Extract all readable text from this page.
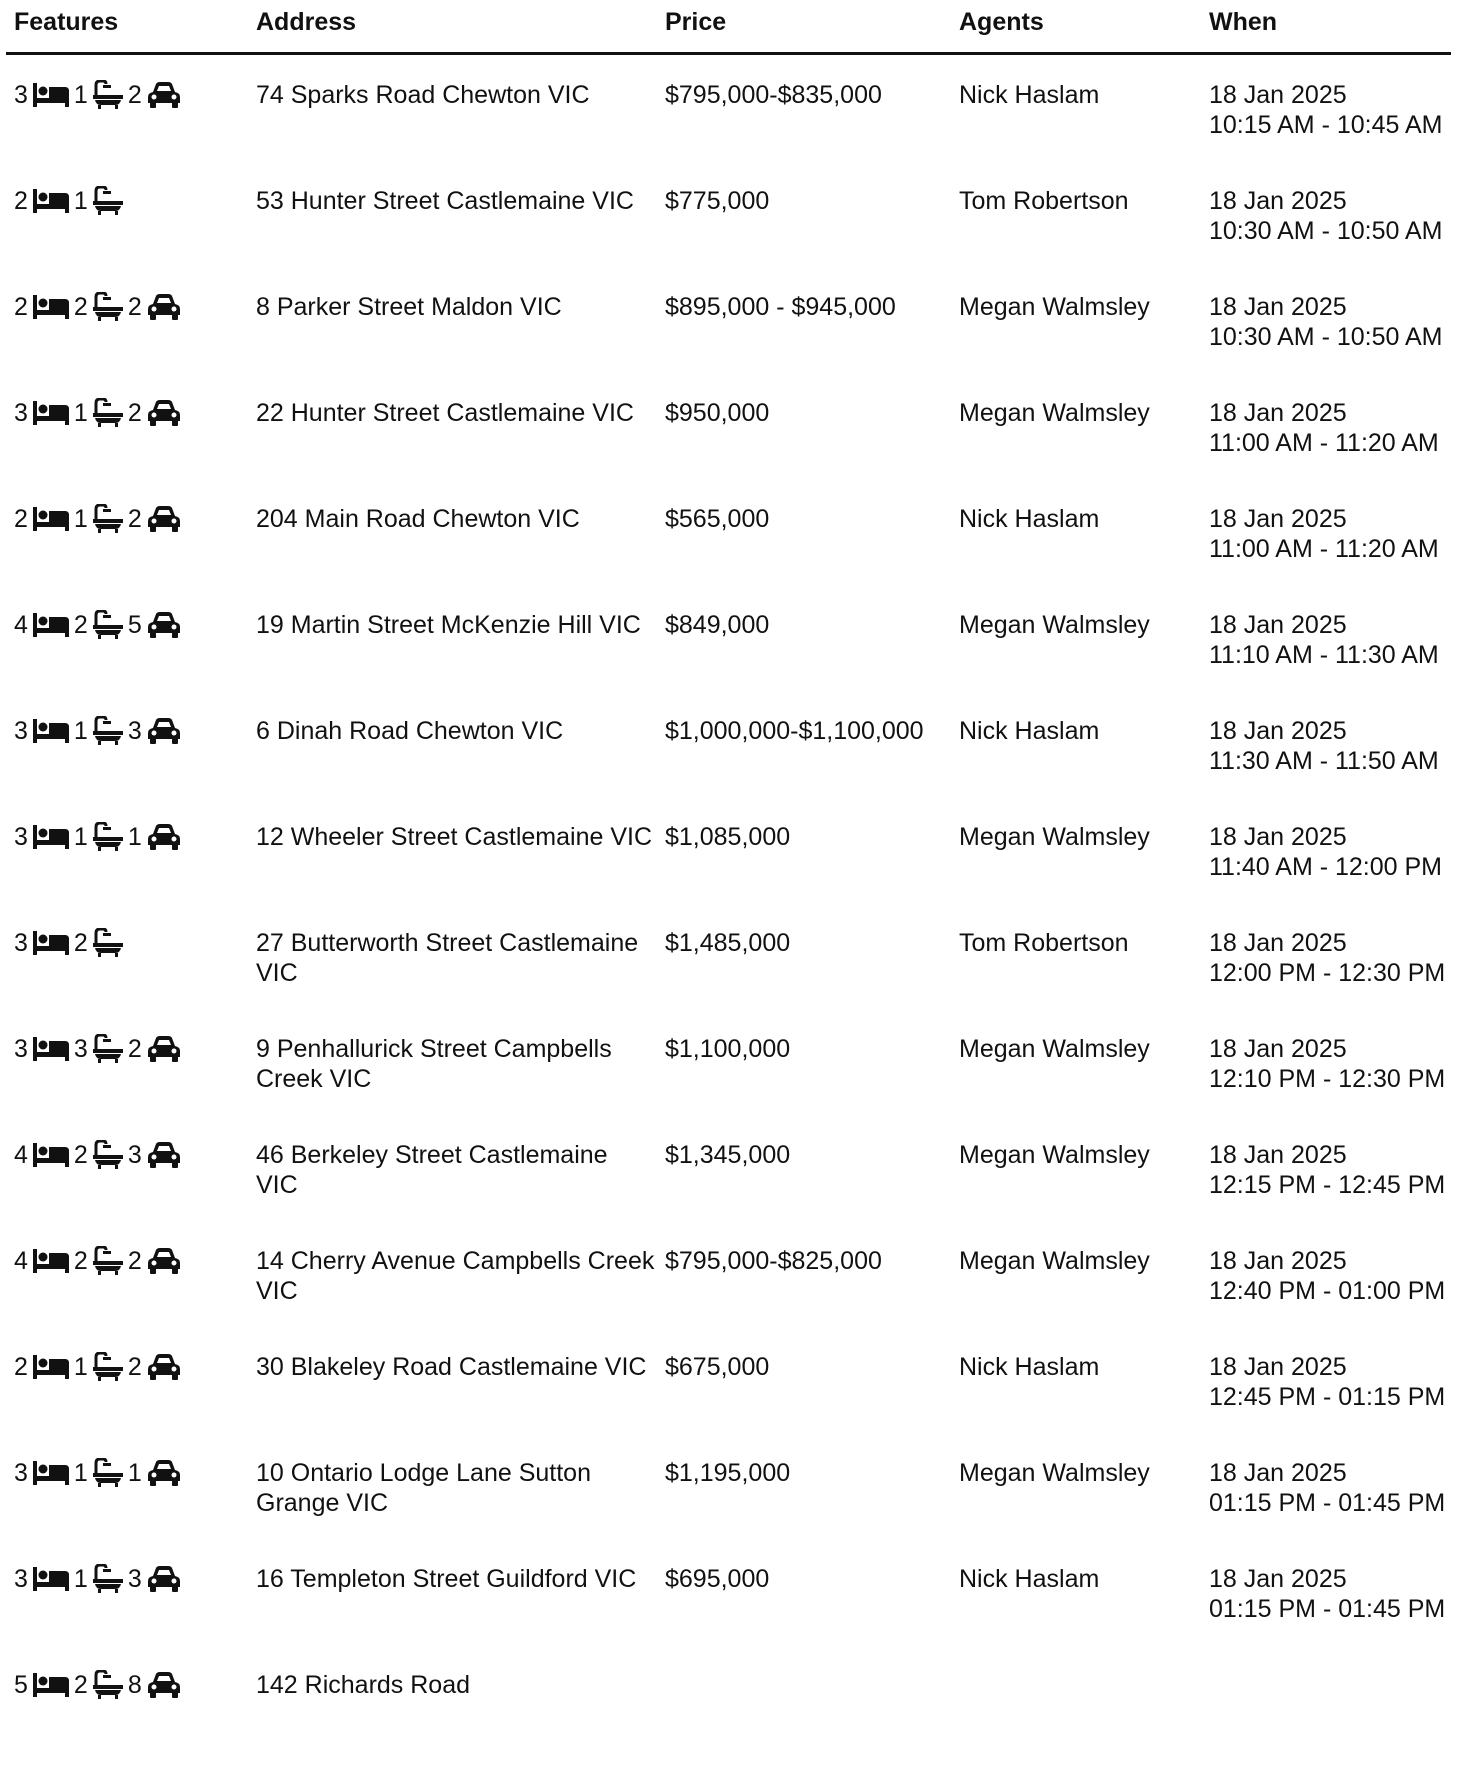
Features	Address	Price	Agents	When
3 1 2	74 Sparks Road Chewton VIC	$795,000-$835,000	Nick Haslam	18 Jan 2025
10:15 AM - 10:45 AM
2 1	53 Hunter Street Castlemaine VIC	$775,000	Tom Robertson	18 Jan 2025
10:30 AM - 10:50 AM
2 2 2	8 Parker Street Maldon VIC	$895,000 - $945,000	Megan Walmsley	18 Jan 2025
10:30 AM - 10:50 AM
3 1 2	22 Hunter Street Castlemaine VIC	$950,000	Megan Walmsley	18 Jan 2025
11:00 AM - 11:20 AM
2 1 2	204 Main Road Chewton VIC	$565,000	Nick Haslam	18 Jan 2025
11:00 AM - 11:20 AM
4 2 5	19 Martin Street McKenzie Hill VIC $849,000	Megan Walmsley	18 Jan 2025
11:10 AM - 11:30 AM
3 1 3	6 Dinah Road Chewton VIC	$1,000,000-$1,100,000	Nick Haslam	18 Jan 2025
11:30 AM - 11:50 AM
3 1 1	12 Wheeler Street Castlemaine VIC $1,085,000	Megan Walmsley	18 Jan 2025
11:40 AM - 12:00 PM
3 2	27 Butterworth Street Castlemaine VIC
$1,485,000	Tom Robertson	18 Jan 2025
12:00 PM - 12:30 PM
3 3 2	9 Penhallurick Street Campbells Creek VIC
$1,100,000	Megan Walmsley	18 Jan 2025
12:10 PM - 12:30 PM
4 2 3	46 Berkeley Street Castlemaine VIC
$1,345,000	Megan Walmsley	18 Jan 2025
12:15 PM - 12:45 PM
4 2 2	14 Cherry Avenue Campbells Creek VIC
$795,000-$825,000	Megan Walmsley	18 Jan 2025
12:40 PM - 01:00 PM
2 1 2	30 Blakeley Road Castlemaine VIC $675,000	Nick Haslam	18 Jan 2025
12:45 PM - 01:15 PM
3 1 1	10 Ontario Lodge Lane Sutton Grange VIC
$1,195,000	Megan Walmsley	18 Jan 2025
01:15 PM - 01:45 PM
3 1 3	16 Templeton Street Guildford VIC	$695,000	Nick Haslam	18 Jan 2025
01:15 PM - 01:45 PM
5 2 8	142 Richards Road
